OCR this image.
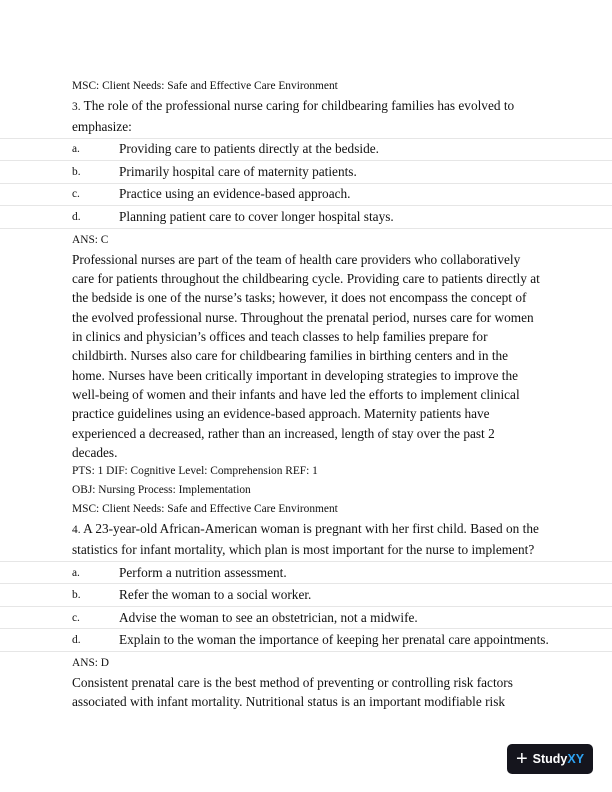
MSC: Client Needs: Safe and Effective Care Environment
3. The role of the professional nurse caring for childbearing families has evolved to emphasize:
a.	Providing care to patients directly at the bedside.
b.	Primarily hospital care of maternity patients.
c.	Practice using an evidence-based approach.
d.	Planning patient care to cover longer hospital stays.
ANS: C
Professional nurses are part of the team of health care providers who collaboratively care for patients throughout the childbearing cycle. Providing care to patients directly at the bedside is one of the nurse’s tasks; however, it does not encompass the concept of the evolved professional nurse. Throughout the prenatal period, nurses care for women in clinics and physician’s offices and teach classes to help families prepare for childbirth. Nurses also care for childbearing families in birthing centers and in the home. Nurses have been critically important in developing strategies to improve the well-being of women and their infants and have led the efforts to implement clinical practice guidelines using an evidence-based approach. Maternity patients have experienced a decreased, rather than an increased, length of stay over the past 2 decades.
PTS: 1 DIF: Cognitive Level: Comprehension REF: 1
OBJ: Nursing Process: Implementation
MSC: Client Needs: Safe and Effective Care Environment
4. A 23-year-old African-American woman is pregnant with her first child. Based on the statistics for infant mortality, which plan is most important for the nurse to implement?
a.	Perform a nutrition assessment.
b.	Refer the woman to a social worker.
c.	Advise the woman to see an obstetrician, not a midwife.
d.	Explain to the woman the importance of keeping her prenatal care appointments.
ANS: D
Consistent prenatal care is the best method of preventing or controlling risk factors associated with infant mortality. Nutritional status is an important modifiable risk
+ Study XY
